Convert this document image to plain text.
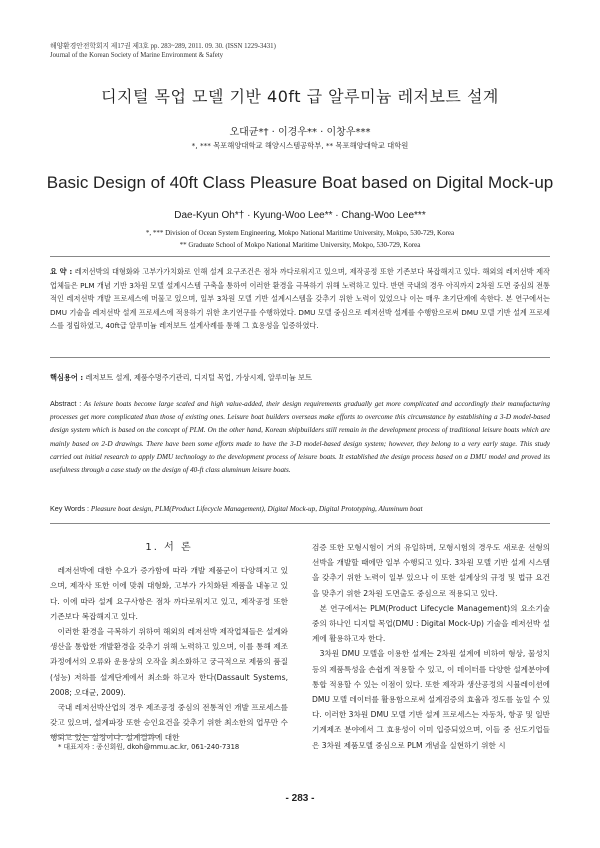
해양환경안전학회지 제17권 제3호 pp. 283~289, 2011. 09. 30. (ISSN 1229-3431)
Journal of the Korean Society of Marine Environment & Safety
디지털 목업 모델 기반 40ft 급 알루미늄 레저보트 설계
오대균*† · 이경우** · 이창우***
*, *** 목포해양대학교 해양시스템공학부, ** 목포해양대학교 대학원
Basic Design of 40ft Class Pleasure Boat based on Digital Mock-up
Dae-Kyun Oh*† · Kyung-Woo Lee** · Chang-Woo Lee***
*, *** Division of Ocean System Engineering, Mokpo National Maritime University, Mokpo, 530-729, Korea
** Graduate School of Mokpo National Maritime University, Mokpo, 530-729, Korea
요 약 : 레저선박의 대형화와 고부가가치화로 인해 설계 요구조건은 점차 까다로워지고 있으며, 제작공정 또한 기존보다 복잡해지고 있다. 해외의 레저선박 제작업체들은 PLM 개념 기반 3차원 모델 설계시스템 구축을 통하여 이러한 환경을 극복하기 위해 노력하고 있다. 반면 국내의 경우 아직까지 2차원 도면 중심의 전통적인 레저선박 개발 프로세스에 머물고 있으며, 일부 3차원 모델 기반 설계시스템을 갖추기 위한 노력이 있었으나 이는 매우 초기단계에 속한다. 본 연구에서는 DMU 기술을 레저선박 설계 프로세스에 적용하기 위한 초기연구를 수행하였다. DMU 모델 중심으로 레저선박 설계를 수행함으로써 DMU 모델 기반 설계 프로세스를 정립하였고, 40ft급 알루미늄 레저보트 설계사례를 통해 그 효용성을 입증하였다.
핵심용어 : 레저보트 설계, 제품수명주기관리, 디지털 목업, 가상시제, 알루미늄 보트
Abstract : As leisure boats become large scaled and high value-added, their design requirements gradually get more complicated and accordingly their manufacturing processes get more complicated than those of existing ones. Leisure boat builders overseas make efforts to overcome this circumstance by establishing a 3-D model-based design system which is based on the concept of PLM. On the other hand, Korean shipbuilders still remain in the development process of traditional leisure boats which are mainly based on 2-D drawings. There have been some efforts made to have the 3-D model-based design system; however, they belong to a very early stage. This study carried out initial research to apply DMU technology to the development process of leisure boats. It established the design process based on a DMU model and proved its usefulness through a case study on the design of 40-ft class aluminum leisure boats.
Key Words : Pleasure boat design, PLM(Product Lifecycle Management), Digital Mock-up, Digital Prototyping, Aluminum boat
1. 서 론

레저선박에 대한 수요가 증가함에 따라 개발 제품군이 다양해지고 있으며, 제작사 또한 이에 맞춰 대형화, 고부가 가치화된 제품을 내놓고 있다. 이에 따라 설계 요구사항은 점차 까다로워지고 있고, 제작공정 또한 기존보다 복잡해지고 있다.

이러한 환경을 극복하기 위하여 해외의 레저선박 제작업체들은 설계와 생산을 통합한 개발환경을 갖추기 위해 노력하고 있으며, 이를 통해 제조과정에서의 오류와 운용상의 오작을 최소화하고 궁극적으로 제품의 품질(성능) 저하를 설계단계에서 최소화 하고자 한다(Dassault Systems, 2008; 오대균, 2009).

국내 레저선박산업의 경우 제조공정 중심의 전통적인 개발 프로세스를 갖고 있으며, 설계파장 또한 승인요건을 갖추기 위한 최소한의 업무만 수행되고 있는 실정이다. 설계결과에 대한

검증 또한 모형시험이 거의 유일하며, 모형시험의 경우도 새로운 선형의 선박을 개발할 때에만 일부 수행되고 있다. 3차원 모델 기반 설계 시스템을 갖추기 위한 노력이 일부 있으나 이 또한 설계상의 규정 및 법규 요건을 맞추기 위한 2차원 도면출도 중심으로 적용되고 있다.

본 연구에서는 PLM(Product Lifecycle Management)의 요소기술 중의 하나인 디지털 목업(DMU : Digital Mock-Up) 기술을 레저선박 설계에 활용하고자 한다.

3차원 DMU 모델을 이용한 설계는 2차원 설계에 비하여 형상, 물성치 등의 제품특성을 손쉽게 적용할 수 있고, 이 데이터를 다양한 설계분야에 통합 적용할 수 있는 이점이 있다. 또한 제작과 생산공정의 시뮬레이션에 DMU 모델 데이터를 활용함으로써 설계검증의 효율과 정도를 높일 수 있다. 이러한 3차원 DMU 모델 기반 설계 프로세스는 자동차, 항공 및 일반 기계제조 분야에서 그 효용성이 이미 입증되었으며, 이들 중 선도기업들은 3차원 제품모델 중심으로 PLM 개념을 실현하기 위한 시

* 대표저자 : 종신회원, dkoh@mmu.ac.kr, 061-240-7318
- 283 -
